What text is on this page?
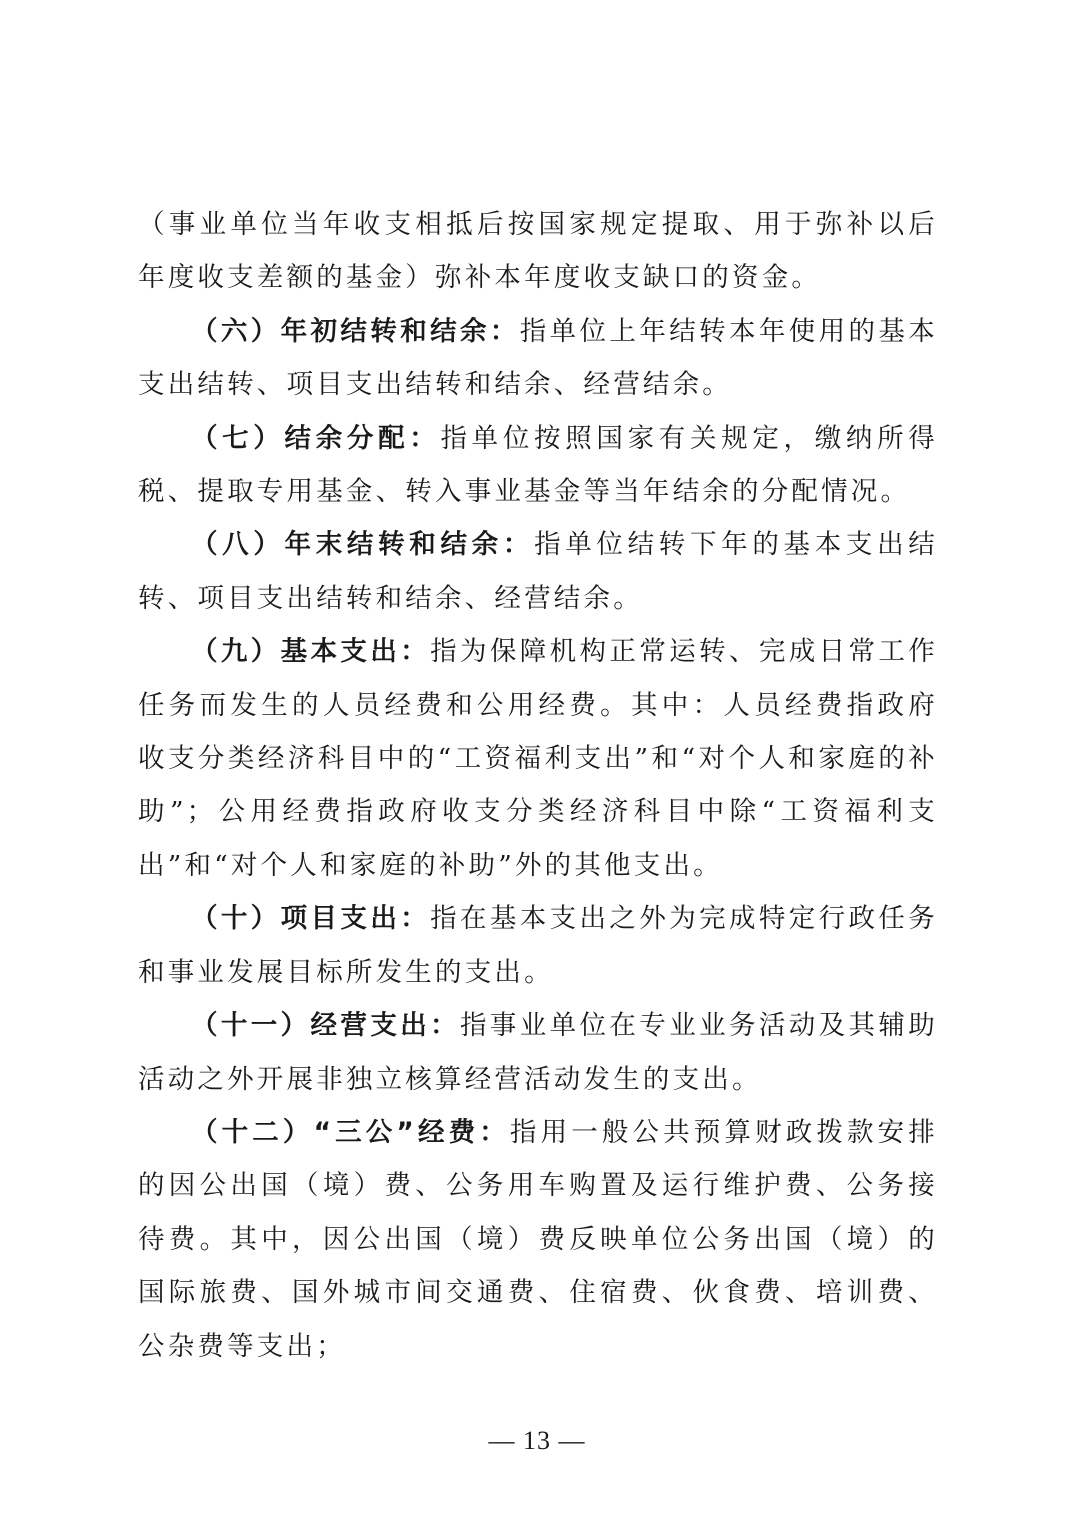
（事业单位当年收支相抵后按国家规定提取、用于弥补以后年度收支差额的基金）弥补本年度收支缺口的资金。

（六）年初结转和结余：指单位上年结转本年使用的基本支出结转、项目支出结转和结余、经营结余。

（七）结余分配：指单位按照国家有关规定，缴纳所得税、提取专用基金、转入事业基金等当年结余的分配情况。

（八）年末结转和结余：指单位结转下年的基本支出结转、项目支出结转和结余、经营结余。

（九）基本支出：指为保障机构正常运转、完成日常工作任务而发生的人员经费和公用经费。其中：人员经费指政府收支分类经济科目中的“工资福利支出”和“对个人和家庭的补助”；公用经费指政府收支分类经济科目中除“工资福利支出”和“对个人和家庭的补助”外的其他支出。

（十）项目支出：指在基本支出之外为完成特定行政任务和事业发展目标所发生的支出。

（十一）经营支出：指事业单位在专业业务活动及其辅助活动之外开展非独立核算经营活动发生的支出。

（十二）“三公”经费：指用一般公共预算财政拨款安排的因公出国（境）费、公务用车购置及运行维护费、公务接待费。其中，因公出国（境）费反映单位公务出国（境）的国际旅费、国外城市间交通费、住宿费、伙食费、培训费、公杂费等支出；

— 13 —
